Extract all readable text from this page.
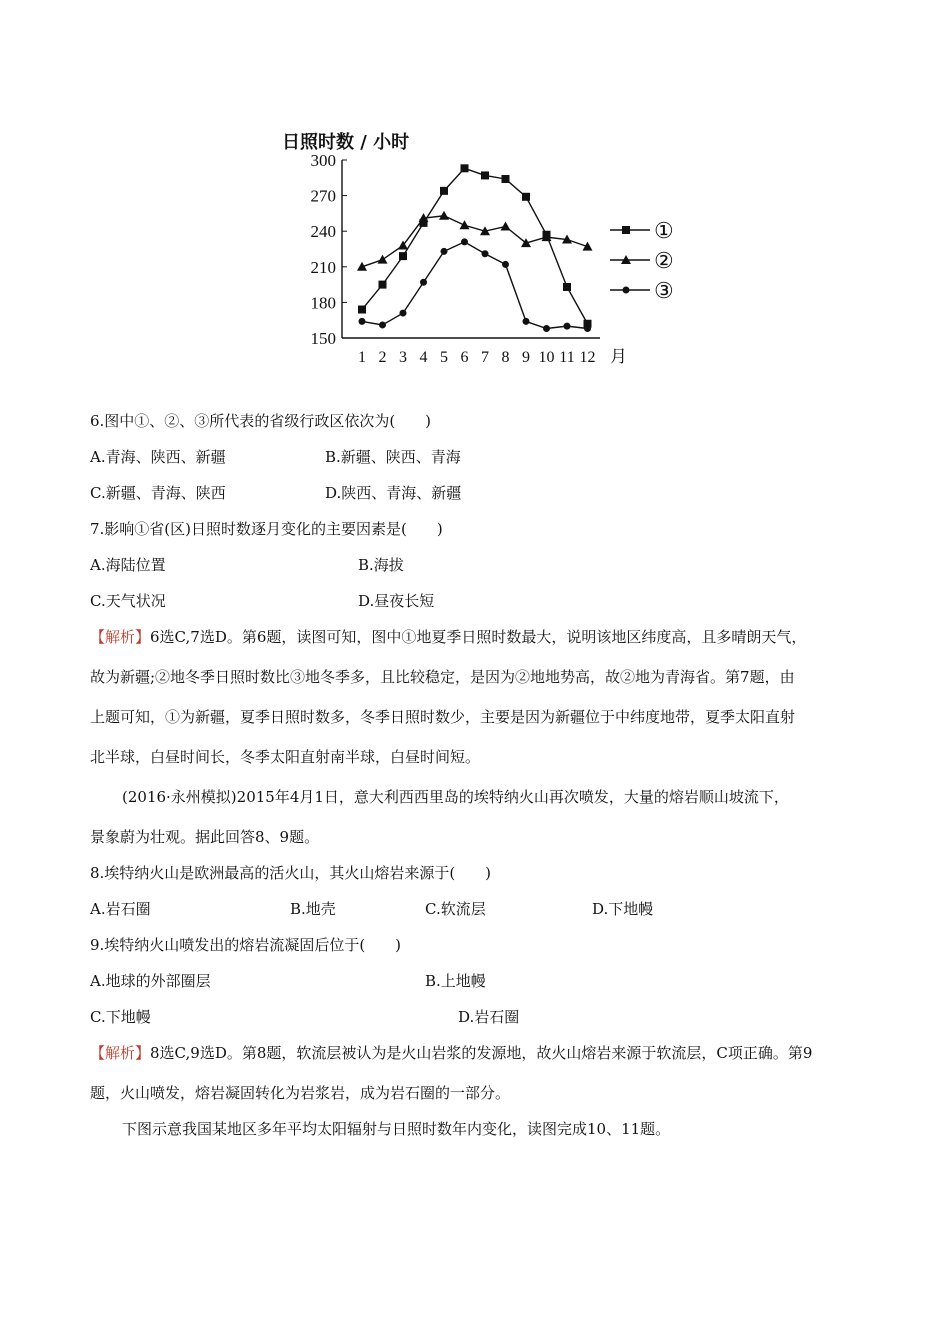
日照时数 / 小时
150
180
210
240
270
300
1 2 3 4 5 6 7 8 9 10 11 12 月
①
②
③
6.图中①、②、③所代表的省级行政区依次为(　　)
A.青海、陕西、新疆	B.新疆、陕西、青海
C.新疆、青海、陕西	D.陕西、青海、新疆
7.影响①省(区)日照时数逐月变化的主要因素是(　　)
A.海陆位置	B.海拔
C.天气状况	D.昼夜长短
【解析】6选C,7选D。第6题，读图可知，图中①地夏季日照时数最大，说明该地区纬度高，且多晴朗天气，
故为新疆;②地冬季日照时数比③地冬季多，且比较稳定，是因为②地地势高，故②地为青海省。第7题，由
上题可知，①为新疆，夏季日照时数多，冬季日照时数少，主要是因为新疆位于中纬度地带，夏季太阳直射
北半球，白昼时间长，冬季太阳直射南半球，白昼时间短。
(2016·永州模拟)2015年4月1日，意大利西西里岛的埃特纳火山再次喷发，大量的熔岩顺山坡流下，
景象蔚为壮观。据此回答8、9题。
8.埃特纳火山是欧洲最高的活火山，其火山熔岩来源于(　　)
A.岩石圈	B.地壳	C.软流层	D.下地幔
9.埃特纳火山喷发出的熔岩流凝固后位于(　　)
A.地球的外部圈层	B.上地幔
C.下地幔	D.岩石圈
【解析】8选C,9选D。第8题，软流层被认为是火山岩浆的发源地，故火山熔岩来源于软流层，C项正确。第9
题，火山喷发，熔岩凝固转化为岩浆岩，成为岩石圈的一部分。
下图示意我国某地区多年平均太阳辐射与日照时数年内变化，读图完成10、11题。
